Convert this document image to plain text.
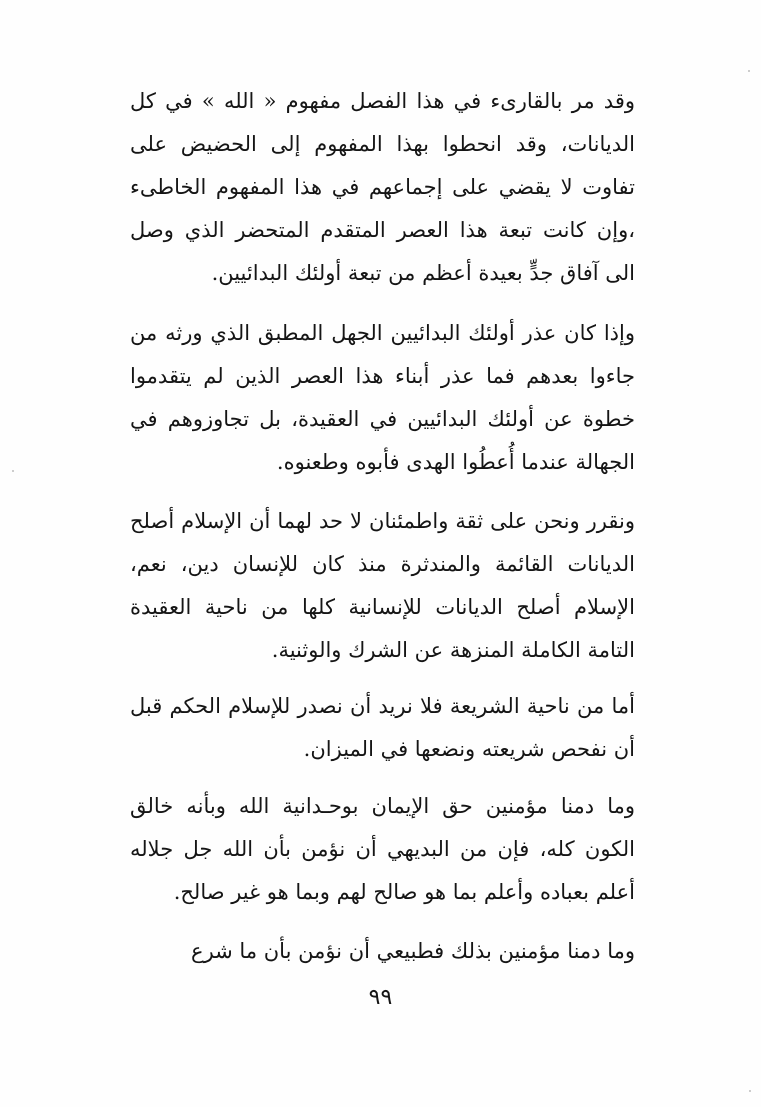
وقد مر بالقارىء في هذا الفصل مفهوم « الله » في كل الديانات، وقد انحطوا بهذا المفهوم إلى الحضيض على تفاوت لا يقضي على إجماعهم في هذا المفهوم الخاطىء ،وإن كانت تبعة هذا العصر المتقدم المتحضر الذي وصل الى آفاق جدٍّ بعيدة أعظم من تبعة أولئك البدائيين.

وإذا كان عذر أولئك البدائيين الجهل المطبق الذي ورثه من جاءوا بعدهم فما عذر أبناء هذا العصر الذين لم يتقدموا خطوة عن أولئك البدائيين في العقيدة، بل تجاوزوهم في الجهالة عندما أُعطُوا الهدى فأبوه وطعنوه.

ونقرر ونحن على ثقة واطمئنان لا حد لهما أن الإسلام أصلح الديانات القائمة والمندثرة منذ كان للإنسان دين، نعم، الإسلام أصلح الديانات للإنسانية كلها من ناحية العقيدة التامة الكاملة المنزهة عن الشرك والوثنية.

أما من ناحية الشريعة فلا نريد أن نصدر للإسلام الحكم قبل أن نفحص شريعته ونضعها في الميزان.

وما دمنا مؤمنين حق الإيمان بوحـدانية الله وبأنه خالق الكون كله، فإن من البديهي أن نؤمن بأن الله جل جلاله أعلم بعباده وأعلم بما هو صالح لهم وبما هو غير صالح.

وما دمنا مؤمنين بذلك فطبيعي أن نؤمن بأن ما شرع

٩٩
